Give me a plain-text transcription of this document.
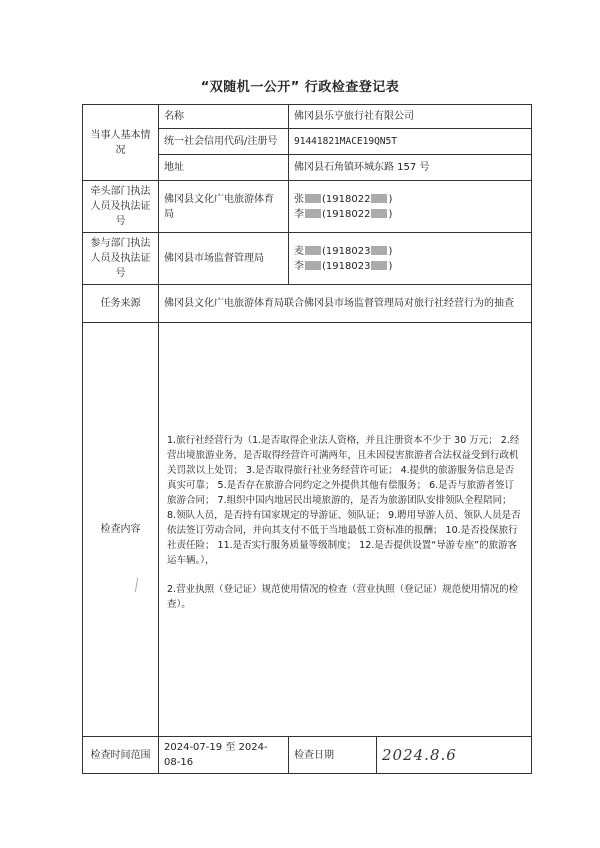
“双随机一公开” 行政检查登记表
当事人基本情况	名称	佛冈县乐亨旅行社有限公司	
	统一社会信用代码/注册号	91441821MACE19QN5T	
	地址	佛冈县石角镇环城东路 157 号	
牵头部门执法人员及执法证号	佛冈县文化广电旅游体育局	张 (1918022 )
李 (1918022 )	

参与部门执法人员及执法证号	佛冈县市场监督管理局	麦 (1918023 )
李 (1918023 )	

任务来源	佛冈县文化广电旅游体育局联合佛冈县市场监督管理局对旅行社经营行为的抽查		
检查内容	1.旅行社经营行为（1.是否取得企业法人资格，并且注册资本不少于 30 万元； 2.经营出境旅游业务，是否取得经营许可满两年，且未因侵害旅游者合法权益受到行政机关罚款以上处罚； 3.是否取得旅行社业务经营许可证； 4.提供的旅游服务信息是否真实可靠； 5.是否存在旅游合同约定之外提供其他有偿服务； 6.是否与旅游者签订旅游合同； 7.组织中国内地居民出境旅游的，是否为旅游团队安排领队全程陪同； 8.领队人员，是否持有国家规定的导游证、领队证； 9.聘用导游人员、领队人员是否依法签订劳动合同，并向其支付不低于当地最低工资标准的报酬； 10.是否投保旅行社责任险； 11.是否实行服务质量等级制度； 12.是否提供设置“导游专座”的旅游客运车辆。），

2.营业执照（登记证）规范使用情况的检查（营业执照（登记证）规范使用情况的检查）。		

检查时间范围	2024-07-19 至 2024-08-16	检查日期	2024.8.6
